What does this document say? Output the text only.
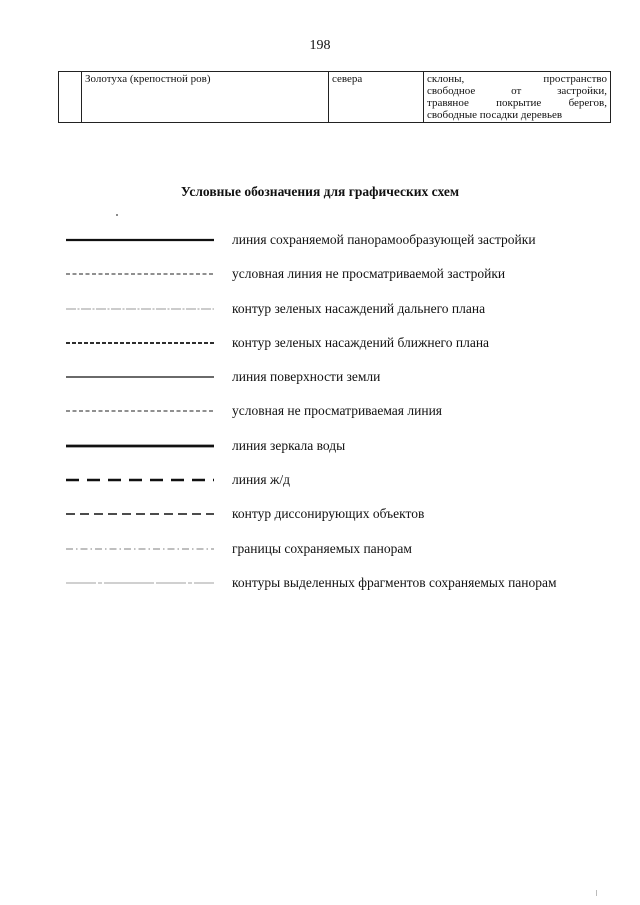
198
	Золотуха (крепостной ров)	севера	склоны, пространство
свободное от застройки,
травяное покрытие берегов,
свободные посадки деревьев
Условные обозначения для графических схем
линия сохраняемой панорамообразующей застройки
условная линия не просматриваемой застройки
контур зеленых насаждений дальнего плана
контур зеленых насаждений ближнего плана
линия поверхности земли
условная не просматриваемая линия
линия зеркала воды
линия ж/д
контур диссонирующих объектов
границы сохраняемых панорам
контуры выделенных фрагментов сохраняемых панорам
